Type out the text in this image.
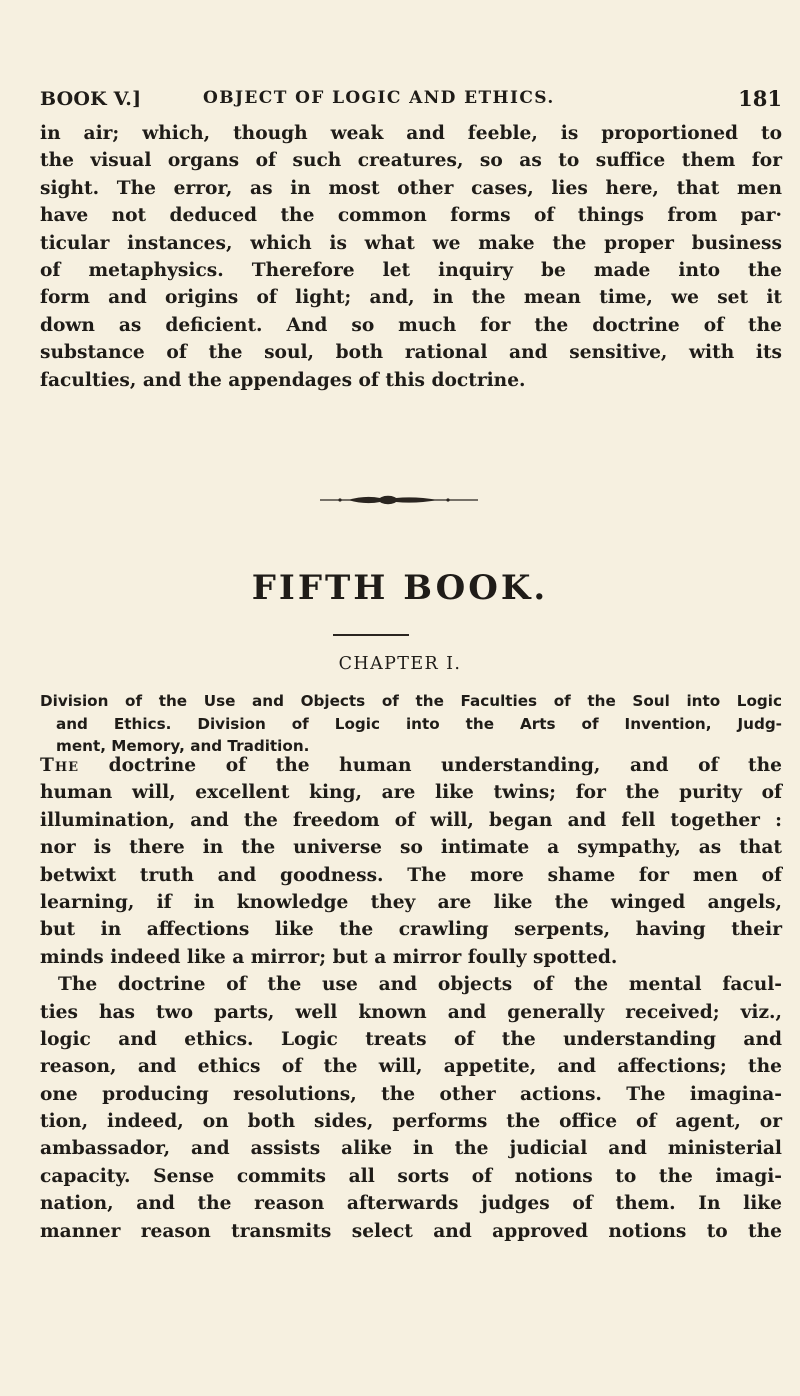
BOOK V.]	OBJECT OF LOGIC AND ETHICS.	181
in air; which, though weak and feeble, is proportioned to
the visual organs of such creatures, so as to suffice them for
sight. The error, as in most other cases, lies here, that men
have not deduced the common forms of things from par·
ticular instances, which is what we make the proper business
of metaphysics. Therefore let inquiry be made into the
form and origins of light; and, in the mean time, we set it
down as deficient. And so much for the doctrine of the
substance of the soul, both rational and sensitive, with its
faculties, and the appendages of this doctrine.
FIFTH BOOK.
CHAPTER I.
Division of the Use and Objects of the Faculties of the Soul into Logic
and Ethics. Division of Logic into the Arts of Invention, Judg-
ment, Memory, and Tradition.
The doctrine of the human understanding, and of the
human will, excellent king, are like twins; for the purity of
illumination, and the freedom of will, began and fell together :
nor is there in the universe so intimate a sympathy, as that
betwixt truth and goodness. The more shame for men of
learning, if in knowledge they are like the winged angels,
but in affections like the crawling serpents, having their
minds indeed like a mirror; but a mirror foully spotted.
The doctrine of the use and objects of the mental facul-
ties has two parts, well known and generally received; viz.,
logic and ethics. Logic treats of the understanding and
reason, and ethics of the will, appetite, and affections; the
one producing resolutions, the other actions. The imagina-
tion, indeed, on both sides, performs the office of agent, or
ambassador, and assists alike in the judicial and ministerial
capacity. Sense commits all sorts of notions to the imagi-
nation, and the reason afterwards judges of them. In like
manner reason transmits select and approved notions to the
